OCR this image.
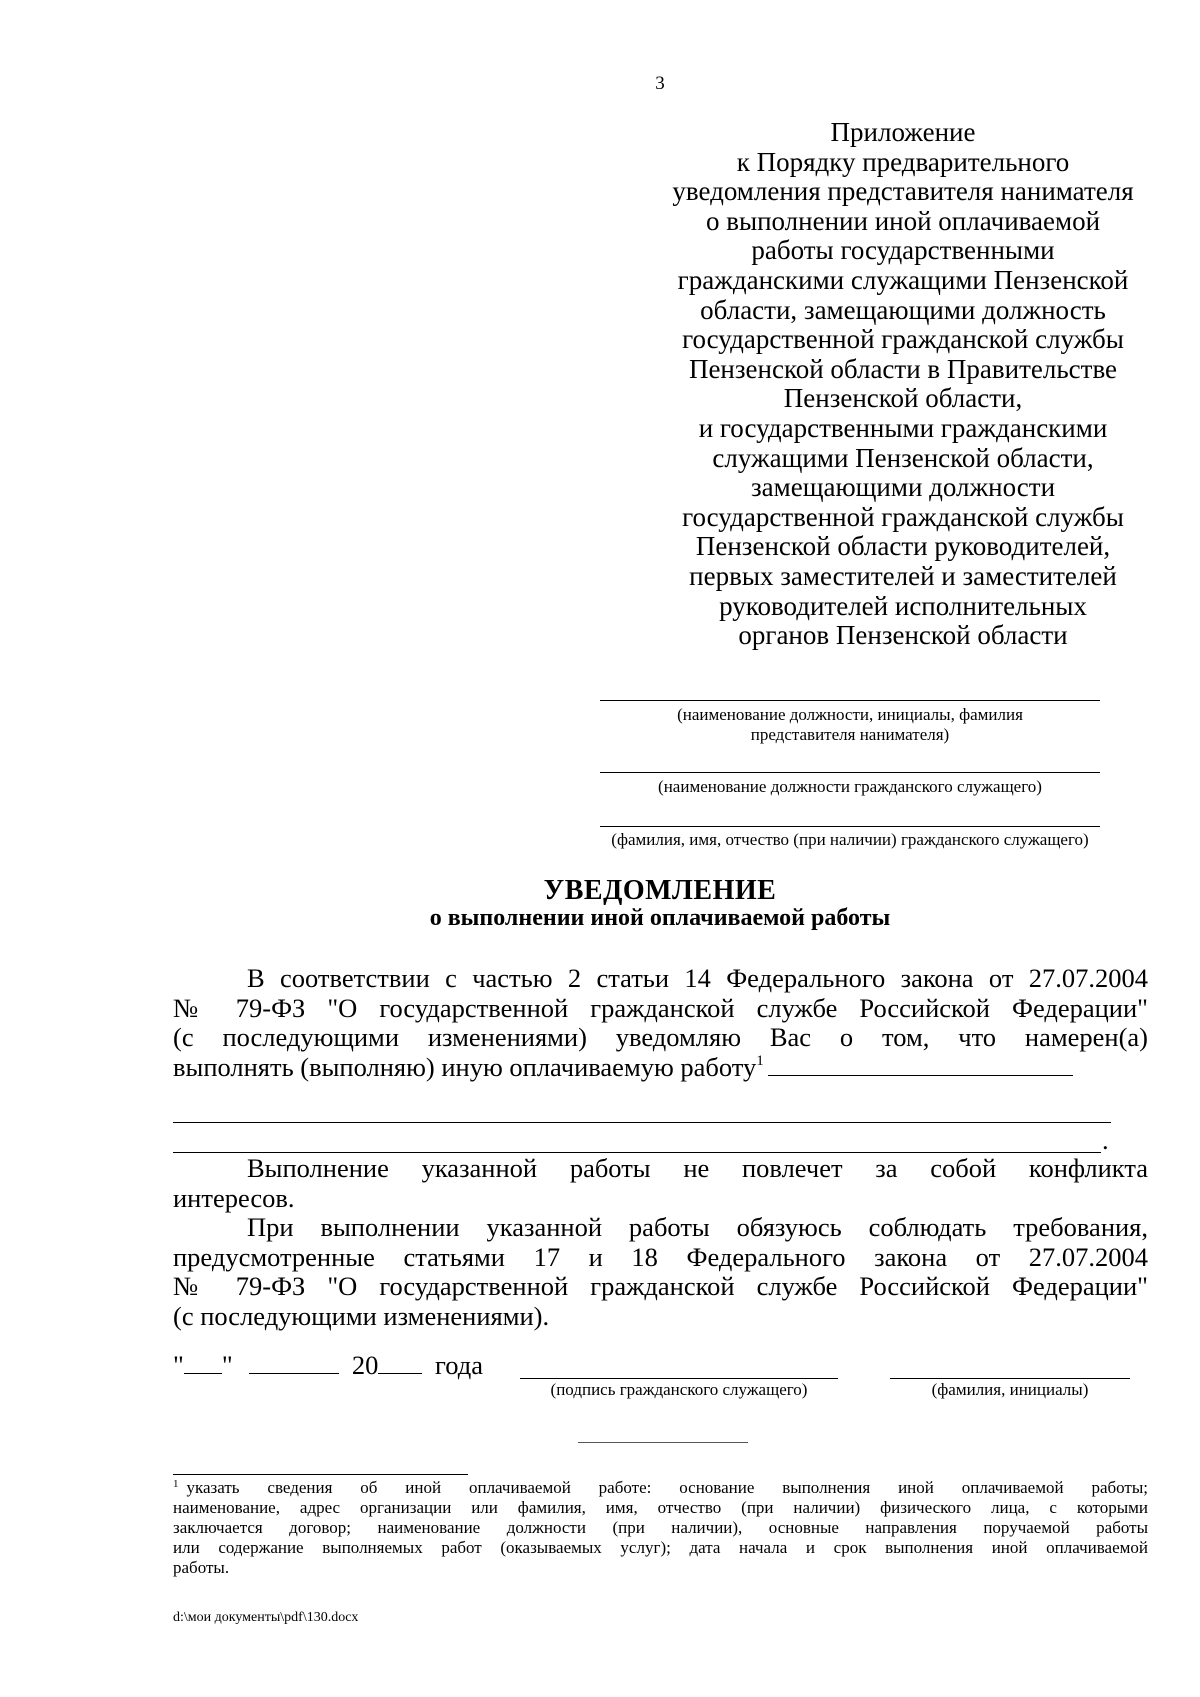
3
Приложение
к Порядку предварительного
уведомления представителя нанимателя
о выполнении иной оплачиваемой
работы государственными
гражданскими служащими Пензенской
области, замещающими должность
государственной гражданской службы
Пензенской области в Правительстве
Пензенской области,
и государственными гражданскими
служащими Пензенской области,
замещающими должности
государственной гражданской службы
Пензенской области руководителей,
первых заместителей и заместителей
руководителей исполнительных
органов Пензенской области
(наименование должности, инициалы, фамилия
представителя нанимателя)
(наименование должности гражданского служащего)
(фамилия, имя, отчество (при наличии) гражданского служащего)
УВЕДОМЛЕНИЕ
о выполнении иной оплачиваемой работы
В соответствии с частью 2 статьи 14 Федерального закона от 27.07.2004
№ 79-ФЗ "О государственной гражданской службе Российской Федерации"
(с последующими изменениями) уведомляю Вас о том, что намерен(а)
выполнять (выполняю) иную оплачиваемую работу$^1$
.
Выполнение указанной работы не повлечет за собой конфликта
интересов.
При выполнении указанной работы обязуюсь соблюдать требования,
предусмотренные статьями 17 и 18 Федерального закона от 27.07.2004
№ 79-ФЗ "О государственной гражданской службе Российской Федерации"
(с последующими изменениями).
" "	20 года
(подпись гражданского служащего)	(фамилия, инициалы)
$^1$ указать сведения об иной оплачиваемой работе: основание выполнения иной оплачиваемой работы;
наименование, адрес организации или фамилия, имя, отчество (при наличии) физического лица, с которыми
заключается договор; наименование должности (при наличии), основные направления поручаемой работы
или содержание выполняемых работ (оказываемых услуг); дата начала и срок выполнения иной оплачиваемой
работы.
d:\мои документы\pdf\130.docx
